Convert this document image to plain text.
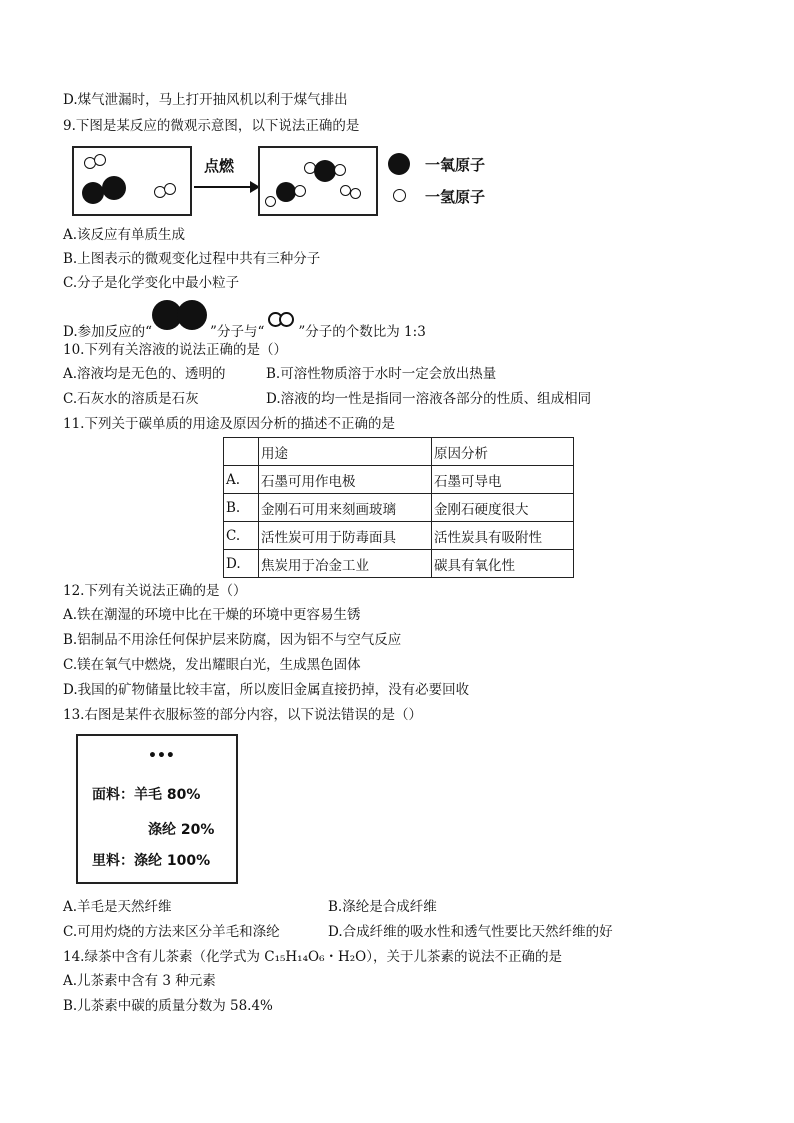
D.煤气泄漏时，马上打开抽风机以利于煤气排出
9.下图是某反应的微观示意图，以下说法正确的是
点燃	一氧原子
一氢原子
A.该反应有单质生成
B.上图表示的微观变化过程中共有三种分子
C.分子是化学变化中最小粒子
D.参加反应的“	”分子与“	”分子的个数比为 1:3
10.下列有关溶液的说法正确的是（）
A.溶液均是无色的、透明的	B.可溶性物质溶于水时一定会放出热量
C.石灰水的溶质是石灰	D.溶液的均一性是指同一溶液各部分的性质、组成相同
11.下列关于碳单质的用途及原因分析的描述不正确的是
	用途	原因分析
A.	石墨可用作电极	石墨可导电
B.	金刚石可用来刻画玻璃	金刚石硬度很大
C.	活性炭可用于防毒面具	活性炭具有吸附性
D.	焦炭用于冶金工业	碳具有氧化性
12.下列有关说法正确的是（）
A.铁在潮湿的环境中比在干燥的环境中更容易生锈
B.铝制品不用涂任何保护层来防腐，因为铝不与空气反应
C.镁在氧气中燃烧，发出耀眼白光，生成黑色固体
D.我国的矿物储量比较丰富，所以废旧金属直接扔掉，没有必要回收
13.右图是某件衣服标签的部分内容，以下说法错误的是（）
•••
面料：羊毛 80%
涤纶 20%
里料：涤纶 100%
A.羊毛是天然纤维	B.涤纶是合成纤维
C.可用灼烧的方法来区分羊毛和涤纶	D.合成纤维的吸水性和透气性要比天然纤维的好
14.绿茶中含有儿茶素（化学式为 C₁₅H₁₄O₆・H₂O），关于儿茶素的说法不正确的是
A.儿茶素中含有 3 种元素
B.儿茶素中碳的质量分数为 58.4%
